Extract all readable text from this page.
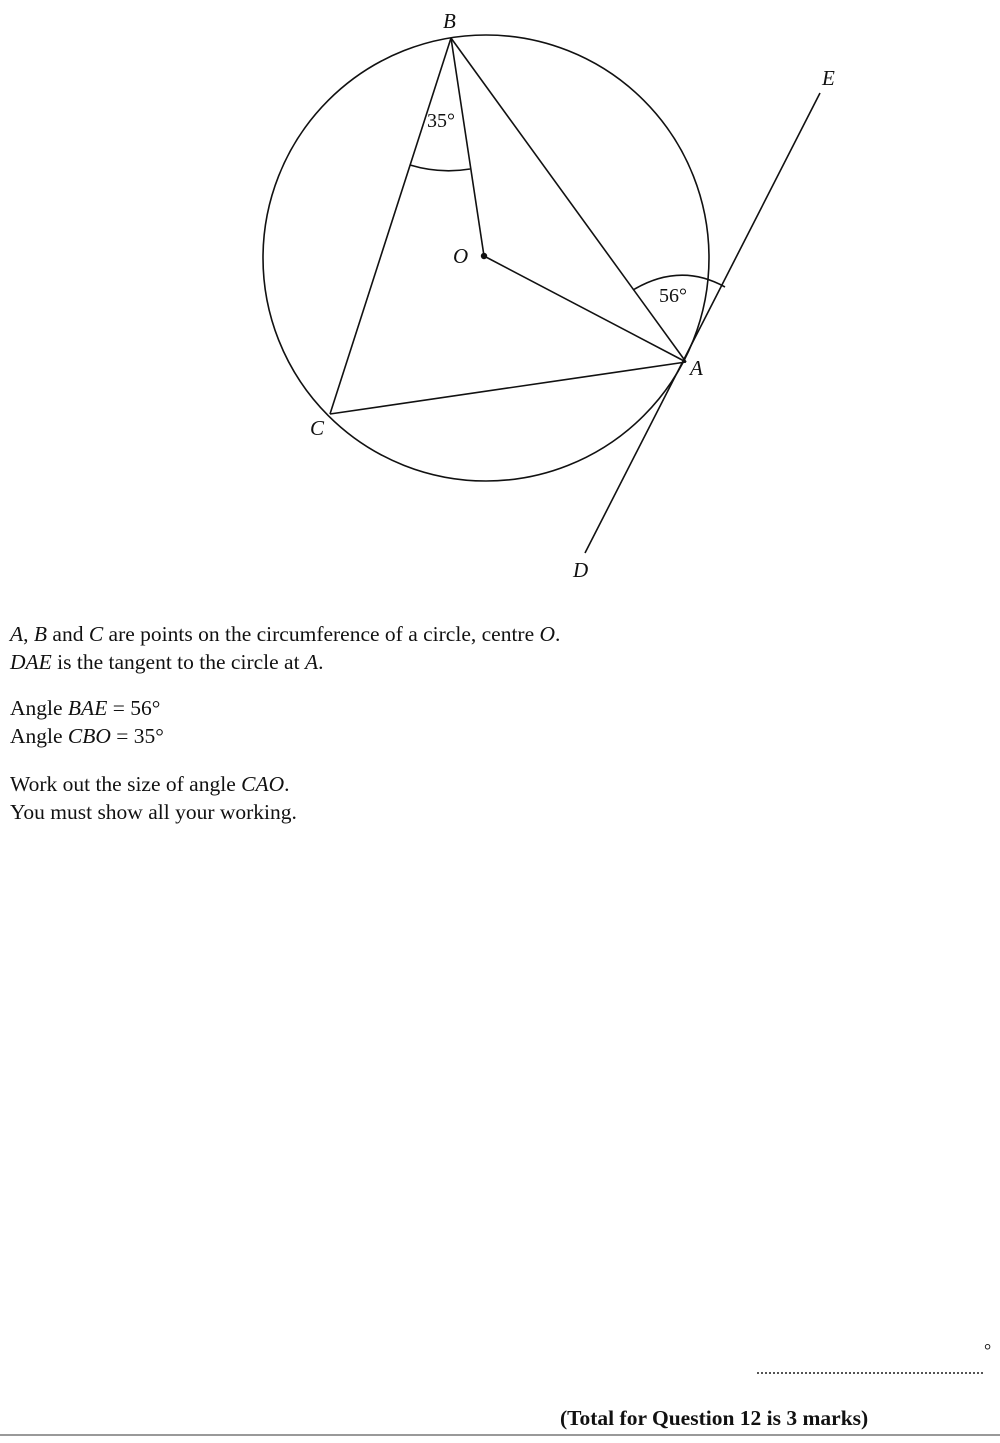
B
E
O
A
C
D
35°
56°

A, B and C are points on the circumference of a circle, centre O.

DAE is the tangent to the circle at A.

Angle BAE = 56°

Angle CBO = 35°

Work out the size of angle CAO.

You must show all your working.

°
(Total for Question 12 is 3 marks)
